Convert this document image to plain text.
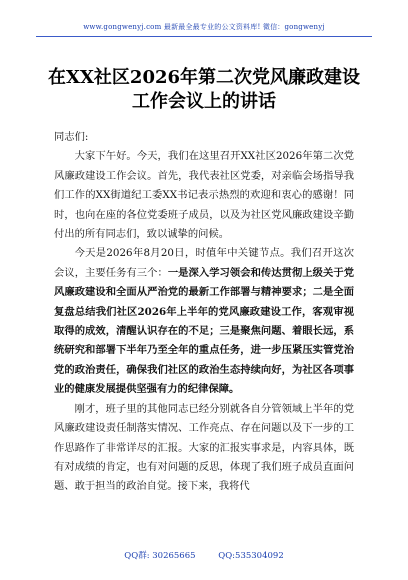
www.gongwenyj.com 最新最全最专业的公文资料库! 微信：gongwenyj
在XX社区2026年第二次党风廉政建设工作会议上的讲话

同志们:

大家下午好。今天，我们在这里召开XX社区2026年第二次党风廉政建设工作会议。首先，我代表社区党委，对亲临会场指导我们工作的XX街道纪工委XX书记表示热烈的欢迎和衷心的感谢！同时，也向在座的各位党委班子成员，以及为社区党风廉政建设辛勤付出的所有同志们，致以诚挚的问候。

今天是2026年8月20日，时值年中关键节点。我们召开这次会议，主要任务有三个：一是深入学习领会和传达贯彻上级关于党风廉政建设和全面从严治党的最新工作部署与精神要求；二是全面复盘总结我们社区2026年上半年的党风廉政建设工作，客观审视取得的成效，清醒认识存在的不足；三是聚焦问题、着眼长远，系统研究和部署下半年乃至全年的重点任务，进一步压紧压实管党治党的政治责任，确保我们社区的政治生态持续向好，为社区各项事业的健康发展提供坚强有力的纪律保障。

刚才，班子里的其他同志已经分别就各自分管领域上半年的党风廉政建设责任制落实情况、工作亮点、存在问题以及下一步的工作思路作了非常详尽的汇报。大家的汇报实事求是，内容具体，既有对成绩的肯定，也有对问题的反思，体现了我们班子成员直面问题、敢于担当的政治自觉。接下来，我将代

QQ群: 30265665	QQ:535304092
